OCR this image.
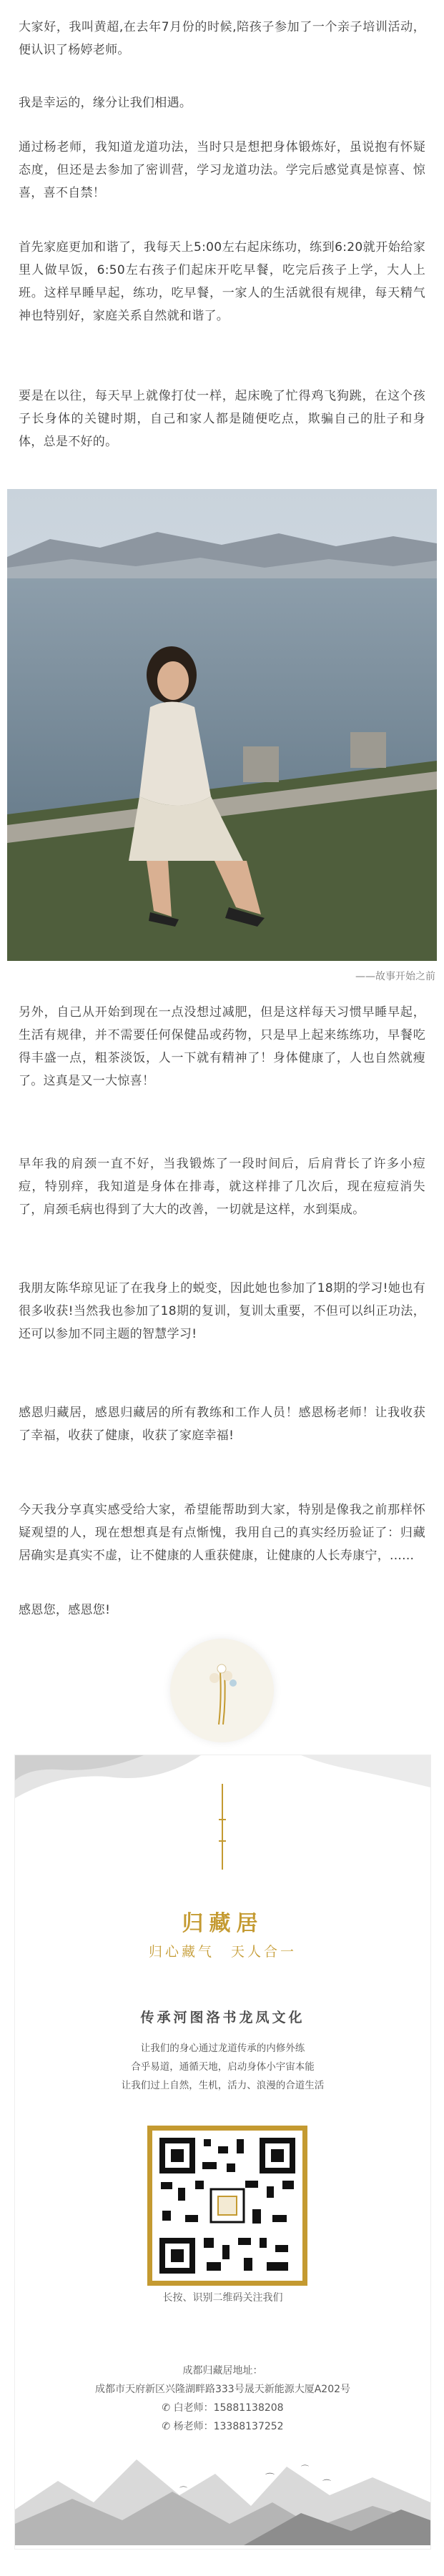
大家好，我叫黄超,在去年7月份的时候,陪孩子参加了一个亲子培训活动，便认识了杨婷老师。

我是幸运的，缘分让我们相遇。

通过杨老师，我知道龙道功法，当时只是想把身体锻炼好，虽说抱有怀疑态度，但还是去参加了密训营，学习龙道功法。学完后感觉真是惊喜、惊喜，喜不自禁！

首先家庭更加和谐了，我每天上5:00左右起床练功，练到6:20就开始给家里人做早饭，6:50左右孩子们起床开吃早餐，吃完后孩子上学，大人上班。这样早睡早起，练功，吃早餐，一家人的生活就很有规律，每天精气神也特别好，家庭关系自然就和谐了。

要是在以往，每天早上就像打仗一样，起床晚了忙得鸡飞狗跳，在这个孩子长身体的关键时期，自己和家人都是随便吃点，欺骗自己的肚子和身体，总是不好的。

——故事开始之前

另外，自己从开始到现在一点没想过减肥，但是这样每天习惯早睡早起，生活有规律，并不需要任何保健品或药物，只是早上起来练练功，早餐吃得丰盛一点，粗茶淡饭，人一下就有精神了！身体健康了，人也自然就瘦了。这真是又一大惊喜！

早年我的肩颈一直不好，当我锻炼了一段时间后，后肩背长了许多小痘痘，特别痒，我知道是身体在排毒，就这样排了几次后，现在痘痘消失了，肩颈毛病也得到了大大的改善，一切就是这样，水到渠成。

我朋友陈华琼见证了在我身上的蜕变，因此她也参加了18期的学习!她也有很多收获!当然我也参加了18期的复训，复训太重要，不但可以纠正功法，还可以参加不同主题的智慧学习!

感恩归藏居，感恩归藏居的所有教练和工作人员！感恩杨老师！让我收获了幸福，收获了健康，收获了家庭幸福!

今天我分享真实感受给大家，希望能帮助到大家，特别是像我之前那样怀疑观望的人，现在想想真是有点惭愧，我用自己的真实经历验证了：归藏居确实是真实不虚，让不健康的人重获健康，让健康的人长寿康宁，......

感恩您，感恩您!

归藏居
归心藏气　天人合一
传承河图洛书龙凤文化
让我们的身心通过龙道传承的内修外练
合乎易道，通循天地，启动身体小宇宙本能
让我们过上自然，生机，活力、浪漫的合道生活
长按、识别二维码关注我们
成都归藏居地址：
成都市天府新区兴隆湖畔路333号晟天新能源大厦A202号
✆ 白老师：15881138208
✆ 杨老师：13388137252
⌒
⌒
⌒
⌒
